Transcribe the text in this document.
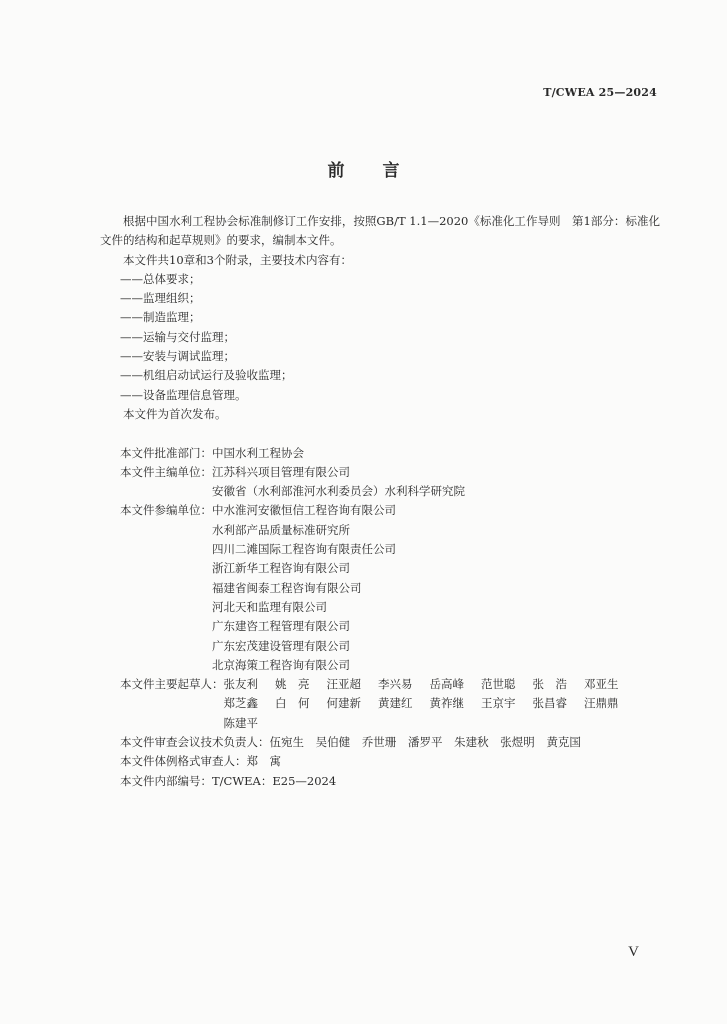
T/CWEA 25—2024
前 言

根据中国水利工程协会标准制修订工作安排，按照GB/T 1.1—2020《标准化工作导则　第1部分：标准化文件的结构和起草规则》的要求，编制本文件。

本文件共10章和3个附录，主要技术内容有：

——总体要求；

——监理组织；

——制造监理；

——运输与交付监理；

——安装与调试监理；

——机组启动试运行及验收监理；

——设备监理信息管理。

本文件为首次发布。

本文件批准部门： 中国水利工程协会
本文件主编单位： 江苏科兴项目管理有限公司
安徽省（水利部淮河水利委员会）水利科学研究院
本文件参编单位： 中水淮河安徽恒信工程咨询有限公司
水利部产品质量标准研究所
四川二滩国际工程咨询有限责任公司
浙江新华工程咨询有限公司
福建省闽泰工程咨询有限公司
河北天和监理有限公司
广东建咨工程管理有限公司
广东宏茂建设管理有限公司
北京海策工程咨询有限公司
本文件主要起草人： 张友利	姚　亮	汪亚超	李兴易	岳高峰	范世聪	张　浩	邓亚生
郑芝鑫	白　何	何建新	黄建红	黄祚继	王京宇	张昌睿	汪鼎鼎
陈建平
本文件审查会议技术负责人： 伍宛生 吴伯健 乔世珊 潘罗平 朱建秋 张煜明 黄克国
本文件体例格式审查人： 郑　寓
本文件内部编号： T/CWEA：E25—2024
V
